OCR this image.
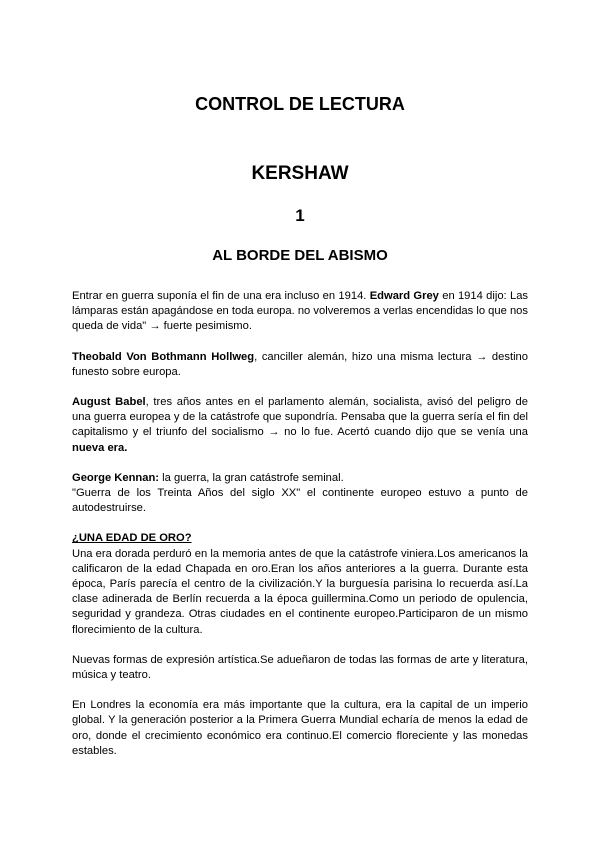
CONTROL DE LECTURA
KERSHAW
1
AL BORDE DEL ABISMO

Entrar en guerra suponía el fin de una era incluso en 1914. Edward Grey en 1914 dijo: Las lámparas están apagándose en toda europa. no volveremos a verlas encendidas lo que nos queda de vida" → fuerte pesimismo.

Theobald Von Bothmann Hollweg, canciller alemán, hizo una misma lectura → destino funesto sobre europa.

August Babel, tres años antes en el parlamento alemán, socialista, avisó del peligro de una guerra europea y de la catástrofe que supondría. Pensaba que la guerra sería el fin del capitalismo y el triunfo del socialismo → no lo fue. Acertó cuando dijo que se venía una nueva era.

George Kennan: la guerra, la gran catástrofe seminal.

"Guerra de los Treinta Años del siglo XX" el continente europeo estuvo a punto de autodestruirse.

¿UNA EDAD DE ORO?

Una era dorada perduró en la memoria antes de que la catástrofe viniera.Los americanos la calificaron de la edad Chapada en oro.Eran los años anteriores a la guerra. Durante esta época, París parecía el centro de la civilización.Y la burguesía parisina lo recuerda así.La clase adinerada de Berlín recuerda a la época guillermina.Como un periodo de opulencia, seguridad y grandeza. Otras ciudades en el continente europeo.Participaron de un mismo florecimiento de la cultura.

Nuevas formas de expresión artística.Se adueñaron de todas las formas de arte y literatura, música y teatro.

En Londres la economía era más importante que la cultura, era la capital de un imperio global. Y la generación posterior a la Primera Guerra Mundial echaría de menos la edad de oro, donde el crecimiento económico era continuo.El comercio floreciente y las monedas estables.
